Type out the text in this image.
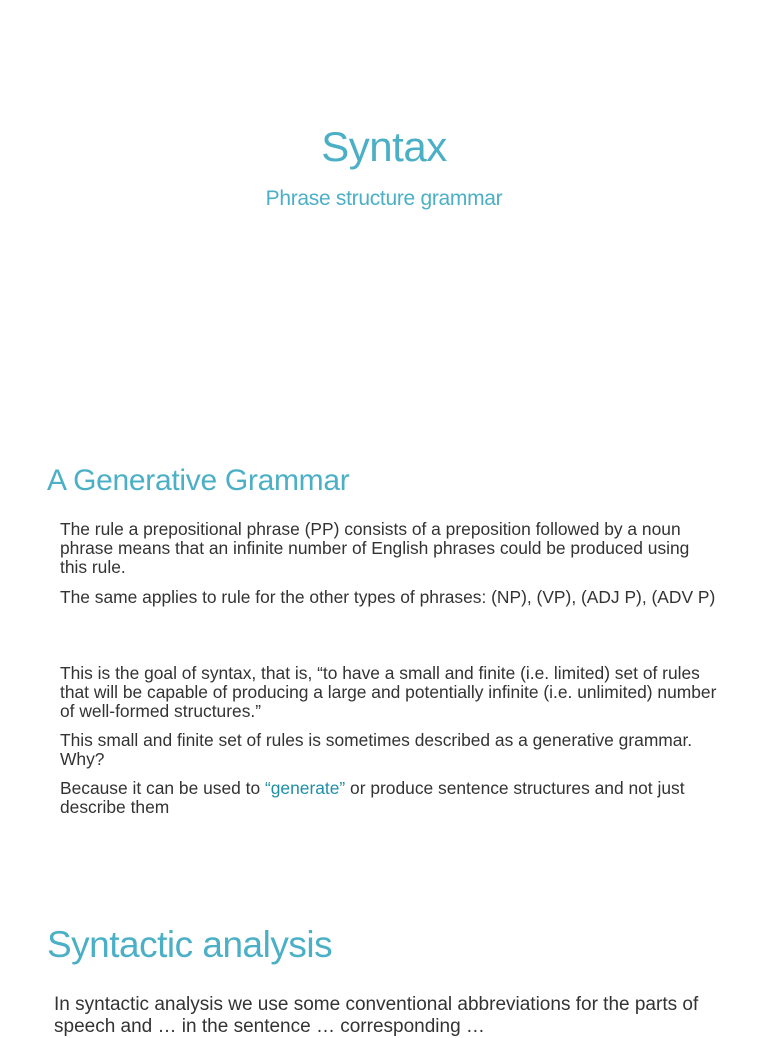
Syntax
Phrase structure grammar
A Generative Grammar

The rule a prepositional phrase (PP) consists of a preposition followed by a noun phrase means that an infinite number of English phrases could be produced using this rule.

The same applies to rule for the other types of phrases: (NP), (VP), (ADJ P), (ADV P)

This is the goal of syntax, that is, “to have a small and finite (i.e. limited) set of rules that will be capable of producing a large and potentially infinite (i.e. unlimited) number of well-formed structures.”

This small and finite set of rules is sometimes described as a generative grammar. Why?

Because it can be used to “generate” or produce sentence structures and not just describe them

Syntactic analysis

In syntactic analysis we use some conventional abbreviations for the parts of speech and … in the sentence … corresponding …
